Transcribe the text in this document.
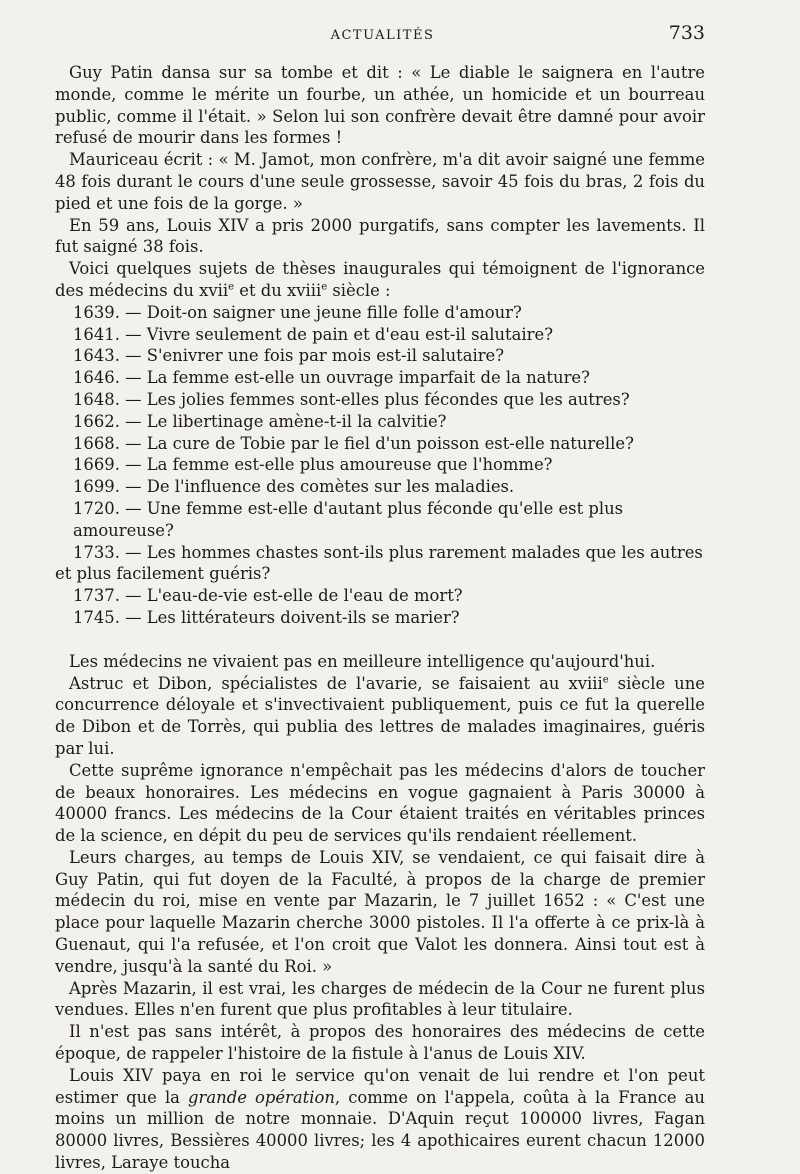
ACTUALITÉS	733

Guy Patin dansa sur sa tombe et dit : « Le diable le saignera en l'autre monde, comme le mérite un fourbe, un athée, un homicide et un bourreau public, comme il l'était. » Selon lui son confrère devait être damné pour avoir refusé de mourir dans les formes !

Mauriceau écrit : « M. Jamot, mon confrère, m'a dit avoir saigné une femme 48 fois durant le cours d'une seule grossesse, savoir 45 fois du bras, 2 fois du pied et une fois de la gorge. »

En 59 ans, Louis XIV a pris 2000 purgatifs, sans compter les lavements. Il fut saigné 38 fois.

Voici quelques sujets de thèses inaugurales qui témoignent de l'ignorance des médecins du xvii$^e$ et du xviii$^e$ siècle :

1639. — Doit-on saigner une jeune fille folle d'amour?
1641. — Vivre seulement de pain et d'eau est-il salutaire?
1643. — S'enivrer une fois par mois est-il salutaire?
1646. — La femme est-elle un ouvrage imparfait de la nature?
1648. — Les jolies femmes sont-elles plus fécondes que les autres?
1662. — Le libertinage amène-t-il la calvitie?
1668. — La cure de Tobie par le fiel d'un poisson est-elle naturelle?
1669. — La femme est-elle plus amoureuse que l'homme?
1699. — De l'influence des comètes sur les maladies.
1720. — Une femme est-elle d'autant plus féconde qu'elle est plus amoureuse?
1733. — Les hommes chastes sont-ils plus rarement malades que les autres
et plus facilement guéris?
1737. — L'eau-de-vie est-elle de l'eau de mort?
1745. — Les littérateurs doivent-ils se marier?

Les médecins ne vivaient pas en meilleure intelligence qu'aujourd'hui.

Astruc et Dibon, spécialistes de l'avarie, se faisaient au xviii$^e$ siècle une concurrence déloyale et s'invectivaient publiquement, puis ce fut la querelle de Dibon et de Torrès, qui publia des lettres de malades imaginaires, guéris par lui.

Cette suprême ignorance n'empêchait pas les médecins d'alors de toucher de beaux honoraires. Les médecins en vogue gagnaient à Paris 30000 à 40000 francs. Les médecins de la Cour étaient traités en véritables princes de la science, en dépit du peu de services qu'ils rendaient réellement.

Leurs charges, au temps de Louis XIV, se vendaient, ce qui faisait dire à Guy Patin, qui fut doyen de la Faculté, à propos de la charge de premier médecin du roi, mise en vente par Mazarin, le 7 juillet 1652 : « C'est une place pour laquelle Mazarin cherche 3000 pistoles. Il l'a offerte à ce prix-là à Guenaut, qui l'a refusée, et l'on croit que Valot les donnera. Ainsi tout est à vendre, jusqu'à la santé du Roi. »

Après Mazarin, il est vrai, les charges de médecin de la Cour ne furent plus vendues. Elles n'en furent que plus profitables à leur titulaire.

Il n'est pas sans intérêt, à propos des honoraires des médecins de cette époque, de rappeler l'histoire de la fistule à l'anus de Louis XIV.

Louis XIV paya en roi le service qu'on venait de lui rendre et l'on peut estimer que la grande opération, comme on l'appela, coûta à la France au moins un million de notre monnaie. D'Aquin reçut 100000 livres, Fagan 80000 livres, Bessières 40000 livres; les 4 apothicaires eurent chacun 12000 livres, Laraye toucha
